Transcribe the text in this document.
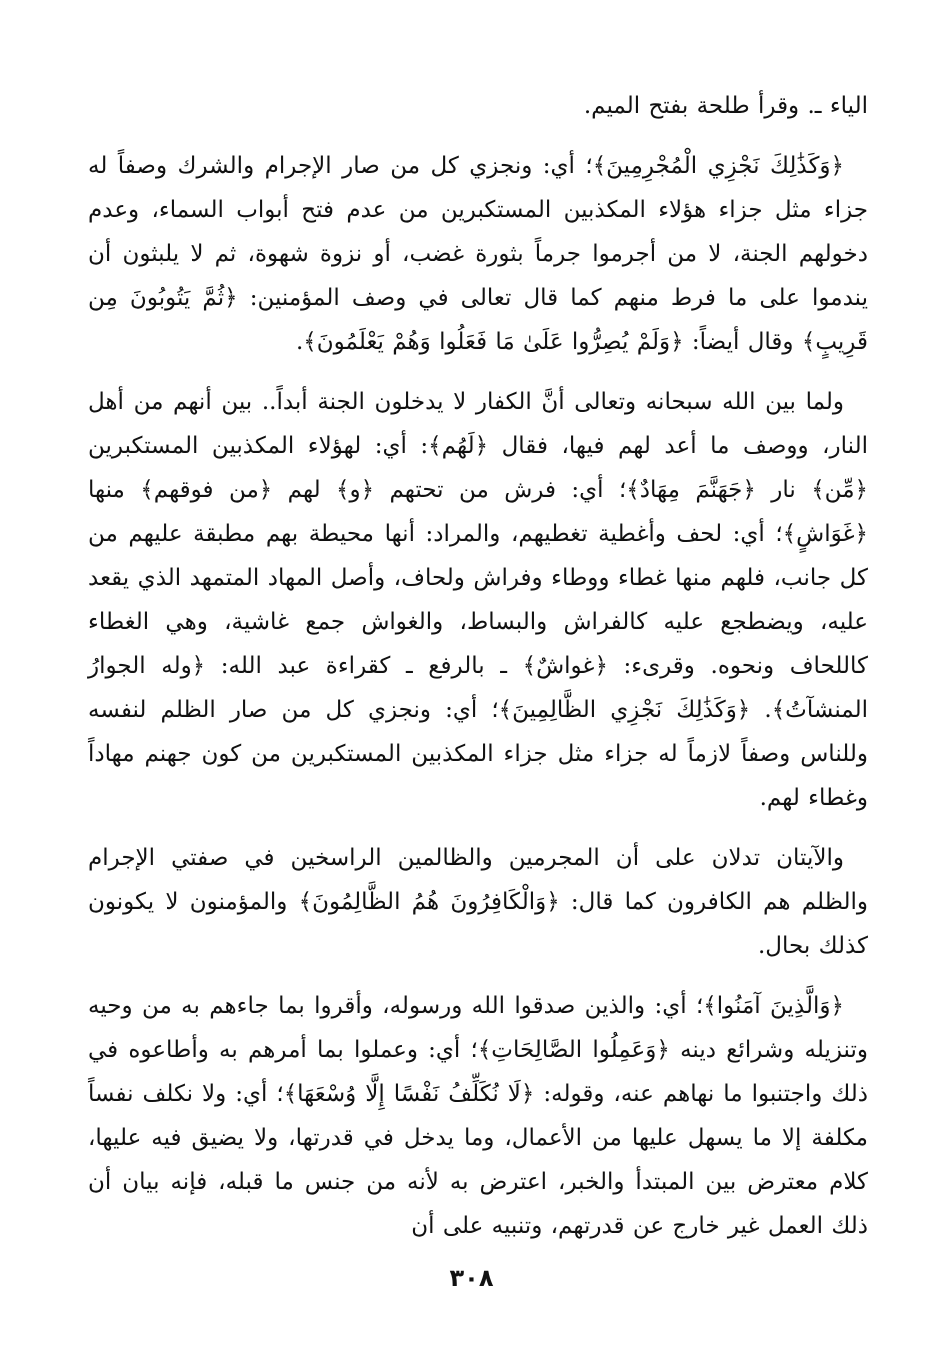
الياء ـ. وقرأ طلحة بفتح الميم.

﴿وَكَذَٰلِكَ نَجْزِي الْمُجْرِمِينَ﴾؛ أي: ونجزي كل من صار الإجرام والشرك وصفاً له جزاء مثل جزاء هؤلاء المكذبين المستكبرين من عدم فتح أبواب السماء، وعدم دخولهم الجنة، لا من أجرموا جرماً بثورة غضب، أو نزوة شهوة، ثم لا يلبثون أن يندموا على ما فرط منهم كما قال تعالى في وصف المؤمنين: ﴿ثُمَّ يَتُوبُونَ مِن قَرِيبٍ﴾ وقال أيضاً: ﴿وَلَمْ يُصِرُّوا عَلَىٰ مَا فَعَلُوا وَهُمْ يَعْلَمُونَ﴾.

ولما بين الله سبحانه وتعالى أنَّ الكفار لا يدخلون الجنة أبداً.. بين أنهم من أهل النار، ووصف ما أعد لهم فيها، فقال ﴿لَهُم﴾: أي: لهؤلاء المكذبين المستكبرين ﴿مِّن﴾ نار ﴿جَهَنَّمَ مِهَادٌ﴾؛ أي: فرش من تحتهم ﴿و﴾ لهم ﴿من فوقهم﴾ منها ﴿غَوَاشٍ﴾؛ أي: لحف وأغطية تغطيهم، والمراد: أنها محيطة بهم مطبقة عليهم من كل جانب، فلهم منها غطاء ووطاء وفراش ولحاف، وأصل المهاد المتمهد الذي يقعد عليه، ويضطجع عليه كالفراش والبساط، والغواش جمع غاشية، وهي الغطاء كاللحاف ونحوه. وقرىء: ﴿غواشٌ﴾ ـ بالرفع ـ كقراءة عبد الله: ﴿وله الجوارُ المنشآتُ﴾. ﴿وَكَذَٰلِكَ نَجْزِي الظَّالِمِينَ﴾؛ أي: ونجزي كل من صار الظلم لنفسه وللناس وصفاً لازماً له جزاء مثل جزاء المكذبين المستكبرين من كون جهنم مهاداً وغطاء لهم.

والآيتان تدلان على أن المجرمين والظالمين الراسخين في صفتي الإجرام والظلم هم الكافرون كما قال: ﴿وَالْكَافِرُونَ هُمُ الظَّالِمُونَ﴾ والمؤمنون لا يكونون كذلك بحال.

﴿وَالَّذِينَ آمَنُوا﴾؛ أي: والذين صدقوا الله ورسوله، وأقروا بما جاءهم به من وحيه وتنزيله وشرائع دينه ﴿وَعَمِلُوا الصَّالِحَاتِ﴾؛ أي: وعملوا بما أمرهم به وأطاعوه في ذلك واجتنبوا ما نهاهم عنه، وقوله: ﴿لَا نُكَلِّفُ نَفْسًا إِلَّا وُسْعَهَا﴾؛ أي: ولا نكلف نفساً مكلفة إلا ما يسهل عليها من الأعمال، وما يدخل في قدرتها، ولا يضيق فيه عليها، كلام معترض بين المبتدأ والخبر، اعترض به لأنه من جنس ما قبله، فإنه بيان أن ذلك العمل غير خارج عن قدرتهم، وتنبيه على أن

٣٠٨
